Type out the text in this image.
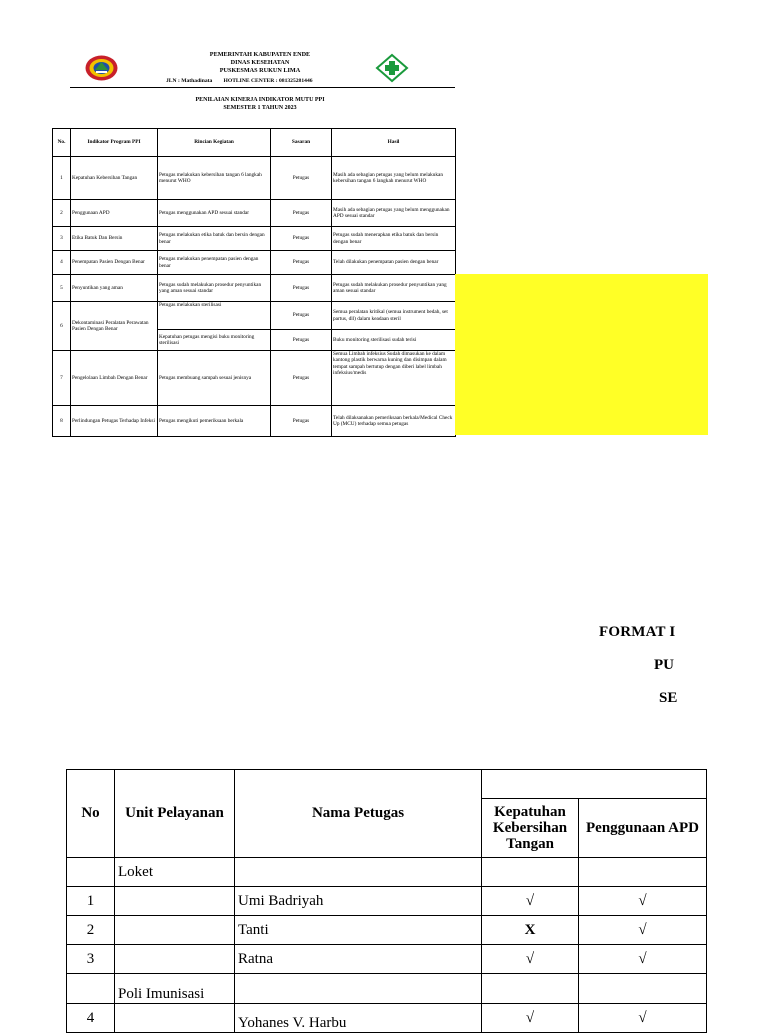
PEMERINTAH KABUPATEN ENDE
DINAS KESEHATAN
PUSKESMAS RUKUN LIMA
JLN : Mathadinata HOTLINE CENTER : 081325281446
PENILAIAN KINERJA INDIKATOR MUTU PPI
SEMESTER 1 TAHUN 2023
No.	Indikator Program PPI	Rincian Kegiatan	Sasaran	Hasil
1	Kepatuhan Kebersihan Tangan	Petugas melakukan kebersihan tangan 6 langkah menurut WHO	Petugas	Masih ada sebagian petugas yang belum melakukan kebersihan tangan 6 langkah menurut WHO
2	Penggunaan APD	Petugas menggunakan APD sesuai standar	Petugas	Masih ada sebagian petugas yang belum menggunakan APD sesuai standar
3	Etika Batuk Dan Bersin	Petugas melakukan etika batuk dan bersin dengan benar	Petugas	Petugas sudah menerapkan etika batuk dan bersin dengan benar
4	Penempatan Pasien Dengan Benar	Petugas melakukan penempatan pasien dengan benar	Petugas	Telah dilakukan penempatan pasien dengan benar
5	Penyuntikan yang aman	Petugas sudah melakukan prosedur penyuntikan yang aman sesuai standar	Petugas	Petugas sudah melakukan prosedur penyuntikan yang aman sesuai standar
6	Dekontaminasi Peralatan Perawatan Pasien Dengan Benar	Petugas melakukan sterilisasi	Petugas	Semua peralatan kritikal (semua instrument bedah, set partus, dll) dalam keadaan steril
		Kepatuhan petugas mengisi buku monitoring sterilisasi	Petugas	Buku monitoring sterilisasi sudah terisi
7	Pengelolaan Limbah Dengan Benar	Petugas membuang sampah sesuai jenisnya	Petugas	Semua Limbah infeksius Sudah dimasukan ke dalam kantong plastik berwarna kuning dan disimpan dalam tempat sampah bertutup dengan diberi label limbah infeksius/medis
8	Perlindungan Petugas Terhadap Infeksi	Petugas mengikuti pemeriksaan berkala	Petugas	Telah dilaksanakan pemeriksaan berkala/Medical Check Up (MCU) terhadap semua petugas
FORMAT I
PU
SE
No	Unit Pelayanan	Nama Petugas		
			Kepatuhan Kebersihan Tangan	Penggunaan APD
	Loket			
1		Umi Badriyah	√	√
2		Tanti	X	√
3		Ratna	√	√
	Poli Imunisasi			
4		Yohanes V. Harbu	√	√
